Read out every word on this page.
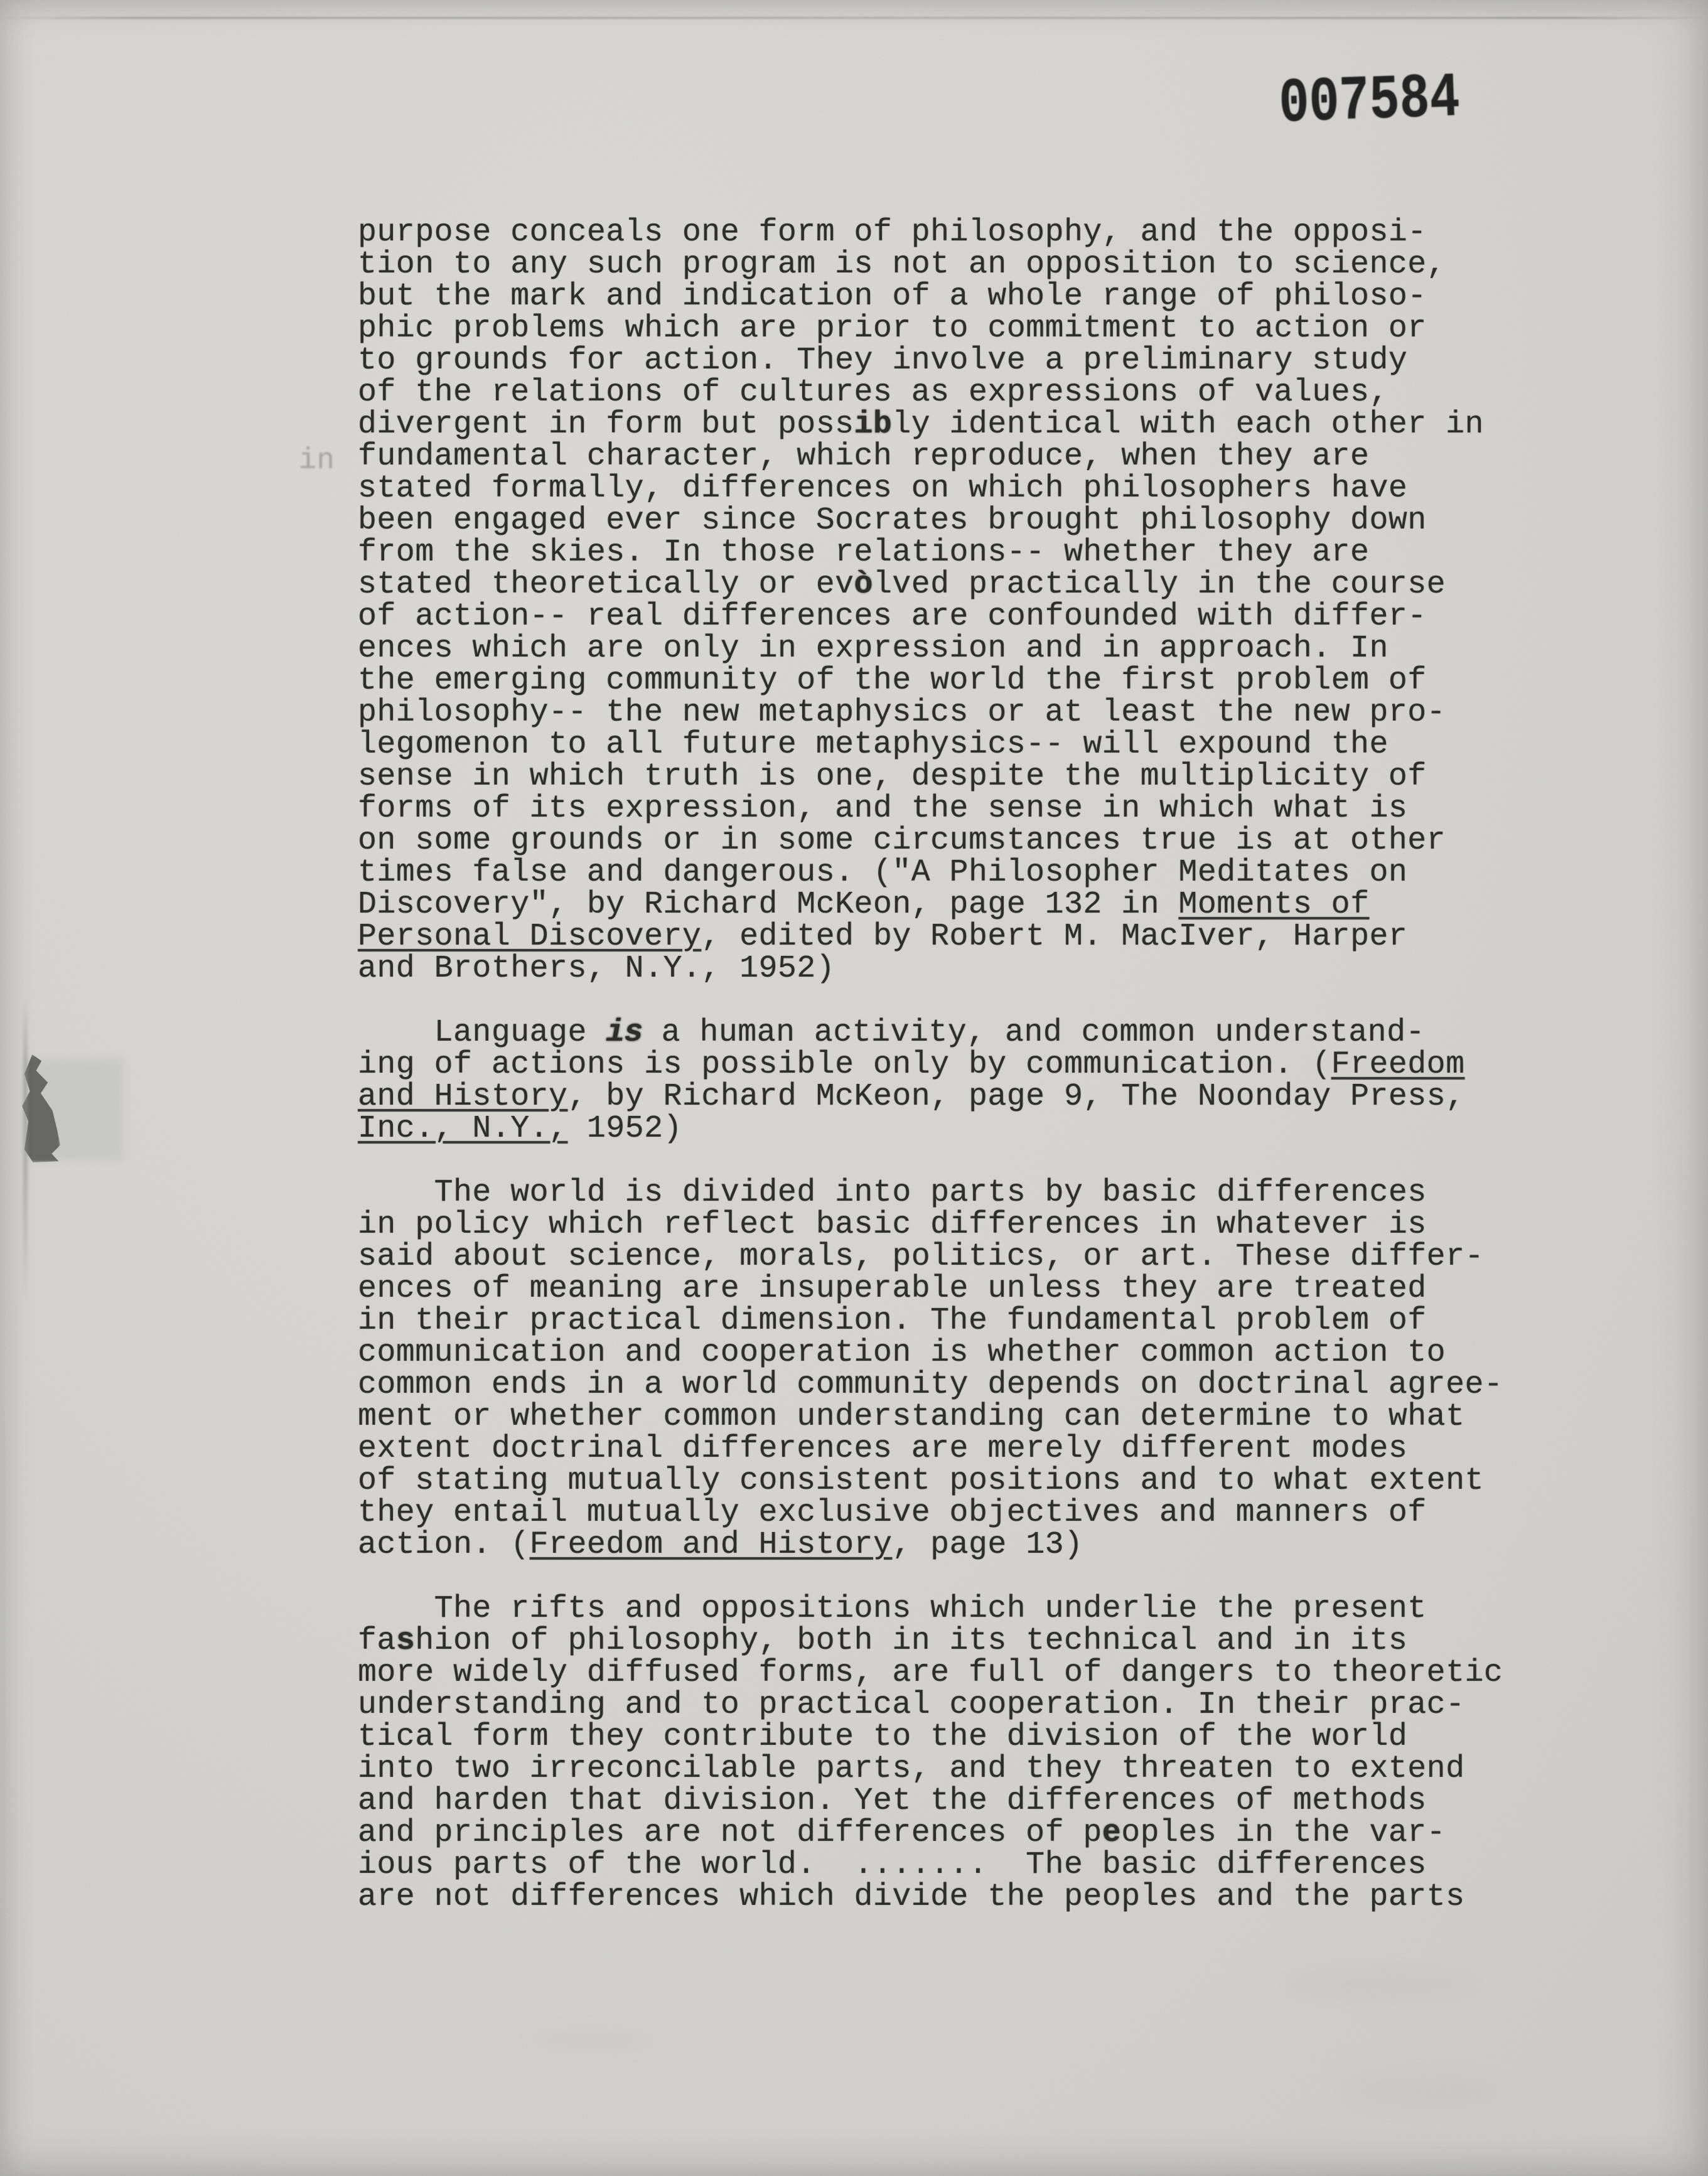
007584
in
purpose conceals one form of philosophy, and the opposi-
tion to any such program is not an opposition to science,
but the mark and indication of a whole range of philoso-
phic problems which are prior to commitment to action or
to grounds for action. They involve a preliminary study
of the relations of cultures as expressions of values,
divergent in form but possibly identical with each other in
fundamental character, which reproduce, when they are
stated formally, differences on which philosophers have
been engaged ever since Socrates brought philosophy down
from the skies. In those relations-- whether they are
stated theoretically or evòlved practically in the course
of action-- real differences are confounded with differ-
ences which are only in expression and in approach. In
the emerging community of the world the first problem of
philosophy-- the new metaphysics or at least the new pro-
legomenon to all future metaphysics-- will expound the
sense in which truth is one, despite the multiplicity of
forms of its expression, and the sense in which what is
on some grounds or in some circumstances true is at other
times false and dangerous. ("A Philosopher Meditates on
Discovery", by Richard McKeon, page 132 in Moments of
Personal Discovery, edited by Robert M. MacIver, Harper
and Brothers, N.Y., 1952)
Language is a human activity, and common understand-
ing of actions is possible only by communication. (Freedom
and History, by Richard McKeon, page 9, The Noonday Press,
Inc., N.Y., 1952)
The world is divided into parts by basic differences
in policy which reflect basic differences in whatever is
said about science, morals, politics, or art. These differ-
ences of meaning are insuperable unless they are treated
in their practical dimension. The fundamental problem of
communication and cooperation is whether common action to
common ends in a world community depends on doctrinal agree-
ment or whether common understanding can determine to what
extent doctrinal differences are merely different modes
of stating mutually consistent positions and to what extent
they entail mutually exclusive objectives and manners of
action. (Freedom and History, page 13)
The rifts and oppositions which underlie the present
fashion of philosophy, both in its technical and in its
more widely diffused forms, are full of dangers to theoretic
understanding and to practical cooperation. In their prac-
tical form they contribute to the division of the world
into two irreconcilable parts, and they threaten to extend
and harden that division. Yet the differences of methods
and principles are not differences of peoples in the var-
ious parts of the world.  .......  The basic differences
are not differences which divide the peoples and the parts
